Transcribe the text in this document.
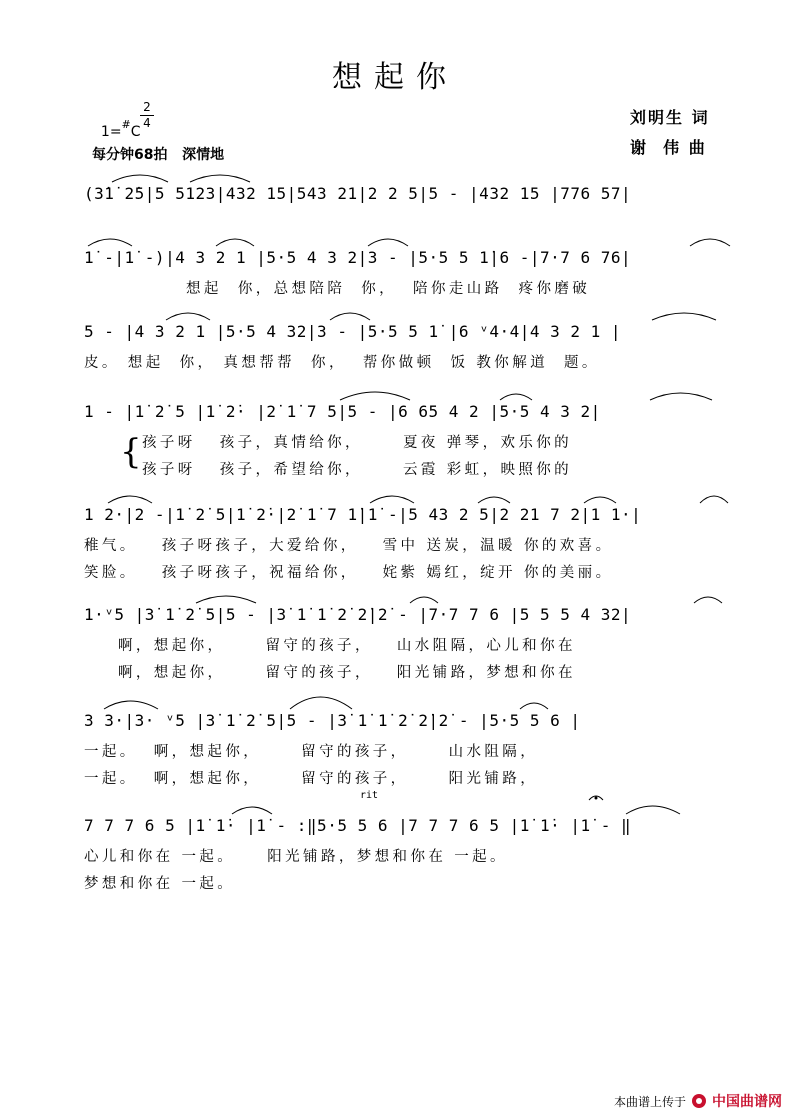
想起你

1=#C

2
4
每分钟68拍   深情地
刘明生 词
谢  伟 曲
(3̇1̇ 2̇5|5 5123|432 15|543 21|2 2 5|5 - |432 15 |776 57|
1̇ -|1̇ -)|4 3 2 1 |5·5 4 3 2|3 - |5·5 5 1̇|6 -|7·7 6 76|
想起  你，总想陪陪  你，  陪你走山路  疼你磨破
5 - |4 3 2 1 |5·5 4 32|3 - |5·5 5 1̇ |6 ᵛ4·4|4 3 2 1 |
皮。 想起  你， 真想帮帮  你，  帮你做顿  饭 教你解道  题。
1 - |1̇ 2̇ 5 |1̇ 2̇· |2̇ 1̇ 7 5|5 - |6 65 4 2 |5·5 4 3 2|
{ 孩子呀   孩子，真情给你，     夏夜 弹琴，欢乐你的
孩子呀   孩子，希望给你，     云霞 彩虹，映照你的
1 2·|2 -|1̇ 2̇ 5|1̇ 2̇·|2̇ 1̇ 7 1̇|1̇ -|5 43 2 5|2 21 7 2|1 1·|
稚气。   孩子呀孩子，大爱给你，   雪中 送炭，温暖 你的欢喜。
笑脸。   孩子呀孩子，祝福给你，   姹紫 嫣红，绽开 你的美丽。
1·ᵛ5 |3̇ 1̇ 2̇ 5|5 - |3̇ 1̇ 1̇ 2̇ 2̇|2̇ - |7·7 7 6 |5 5 5 4 32|
啊，想起你，     留守的孩子，   山水阻隔，心儿和你在
啊，想起你，     留守的孩子，   阳光铺路，梦想和你在
3 3·|3· ᵛ5 |3̇ 1̇ 2̇ 5|5 - |3̇ 1̇ 1̇ 2̇ 2̇|2̇ - |5·5 5 6 |
一起。  啊，想起你，     留守的孩子，     山水阻隔，
一起。  啊，想起你，     留守的孩子，     阳光铺路，
rit
7 7 7 6 5 |1̇ 1̇· |1̇ - :‖5·5 5 6 |7 7 7 6 5 |1̇ 1̇· |1̇ - ‖
心儿和你在 一起。    阳光铺路，梦想和你在 一起。
梦想和你在 一起。
本曲谱上传于 中国曲谱网
